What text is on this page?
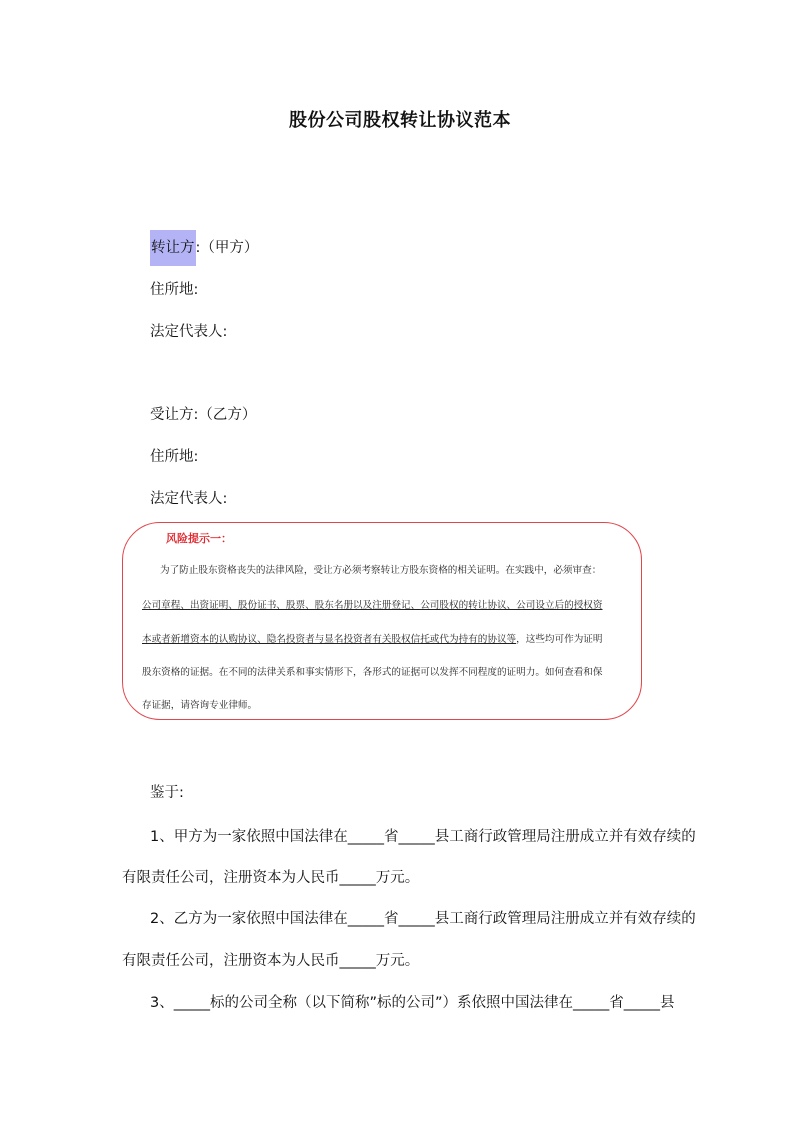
股份公司股权转让协议范本
转让方:（甲方）
住所地:
法定代表人:
受让方:（乙方）
住所地:
法定代表人:
风险提示一：
为了防止股东资格丧失的法律风险，受让方必须考察转让方股东资格的相关证明。在实践中，必须审查：
公司章程、出资证明、股份证书、股票、股东名册以及注册登记、公司股权的转让协议、公司设立后的授权资
本或者新增资本的认购协议、隐名投资者与显名投资者有关股权信托或代为持有的协议等，这些均可作为证明
股东资格的证据。在不同的法律关系和事实情形下，各形式的证据可以发挥不同程度的证明力。如何查看和保
存证据，请咨询专业律师。
鉴于:
1、甲方为一家依照中国法律在_____省_____县工商行政管理局注册成立并有效存续的
有限责任公司，注册资本为人民币_____万元。
2、乙方为一家依照中国法律在_____省_____县工商行政管理局注册成立并有效存续的
有限责任公司，注册资本为人民币_____万元。
3、_____标的公司全称（以下简称”标的公司”）系依照中国法律在_____省_____县
